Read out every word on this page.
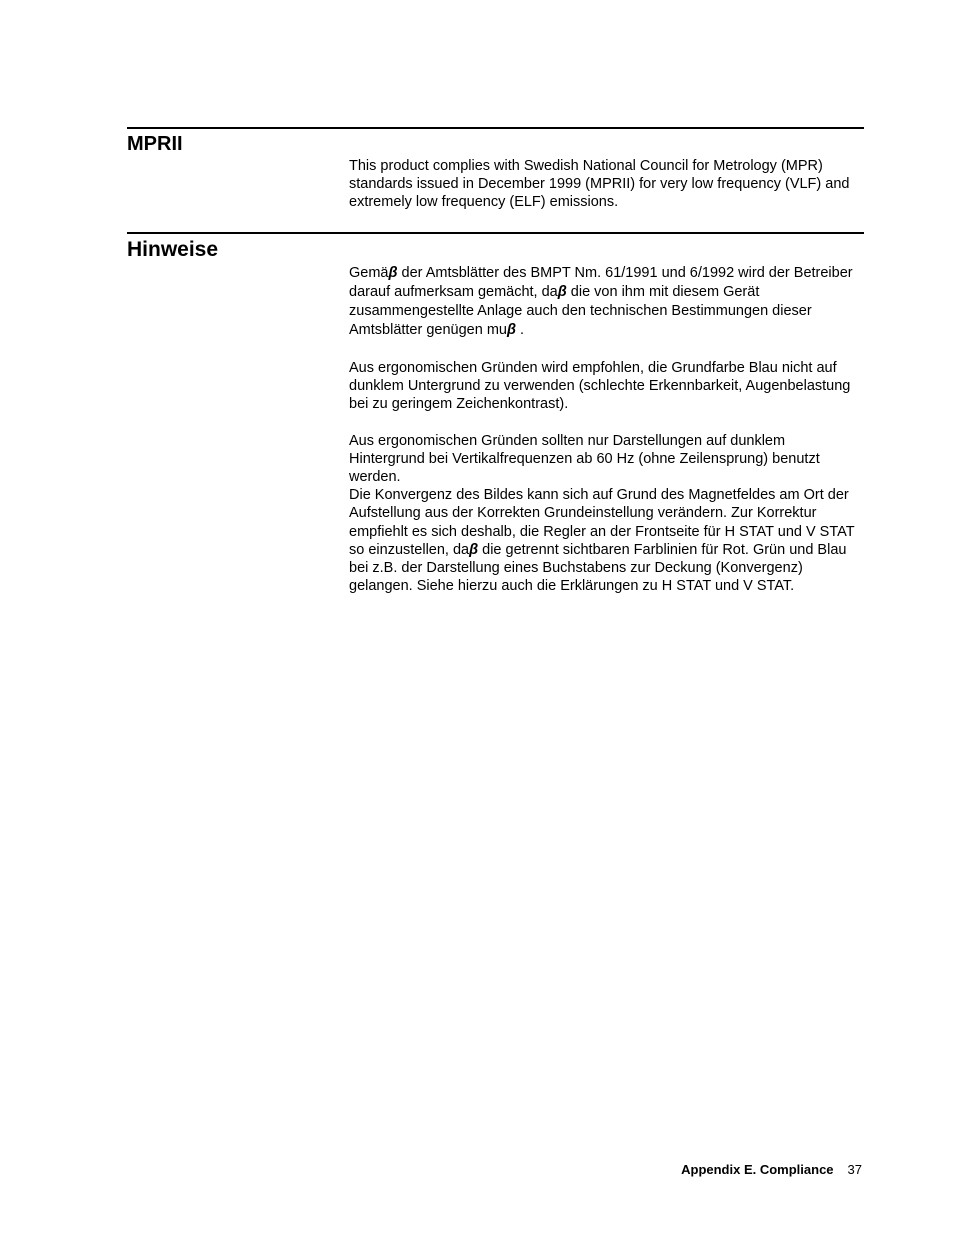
MPRII

This product complies with Swedish National Council for Metrology (MPR) standards issued in December 1999 (MPRII) for very low frequency (VLF) and extremely low frequency (ELF) emissions.

Hinweise

Gemäβ der Amtsblätter des BMPT Nm. 61/1991 und 6/1992 wird der Betreiber darauf aufmerksam gemächt, daβ die von ihm mit diesem Gerät zusammengestellte Anlage auch den technischen Bestimmungen dieser Amtsblätter genügen muβ .

Aus ergonomischen Gründen wird empfohlen, die Grundfarbe Blau nicht auf dunklem Untergrund zu verwenden (schlechte Erkennbarkeit, Augenbelastung bei zu geringem Zeichenkontrast).

Aus ergonomischen Gründen sollten nur Darstellungen auf dunklem Hintergrund bei Vertikalfrequenzen ab 60 Hz (ohne Zeilensprung) benutzt werden.

Die Konvergenz des Bildes kann sich auf Grund des Magnetfeldes am Ort der Aufstellung aus der Korrekten Grundeinstellung verändern. Zur Korrektur empfiehlt es sich deshalb, die Regler an der Frontseite für H STAT und V STAT so einzustellen, daβ die getrennt sichtbaren Farblinien für Rot. Grün und Blau bei z.B. der Darstellung eines Buchstabens zur Deckung (Konvergenz) gelangen. Siehe hierzu auch die Erklärungen zu H STAT und V STAT.

Appendix E. Compliance 37
